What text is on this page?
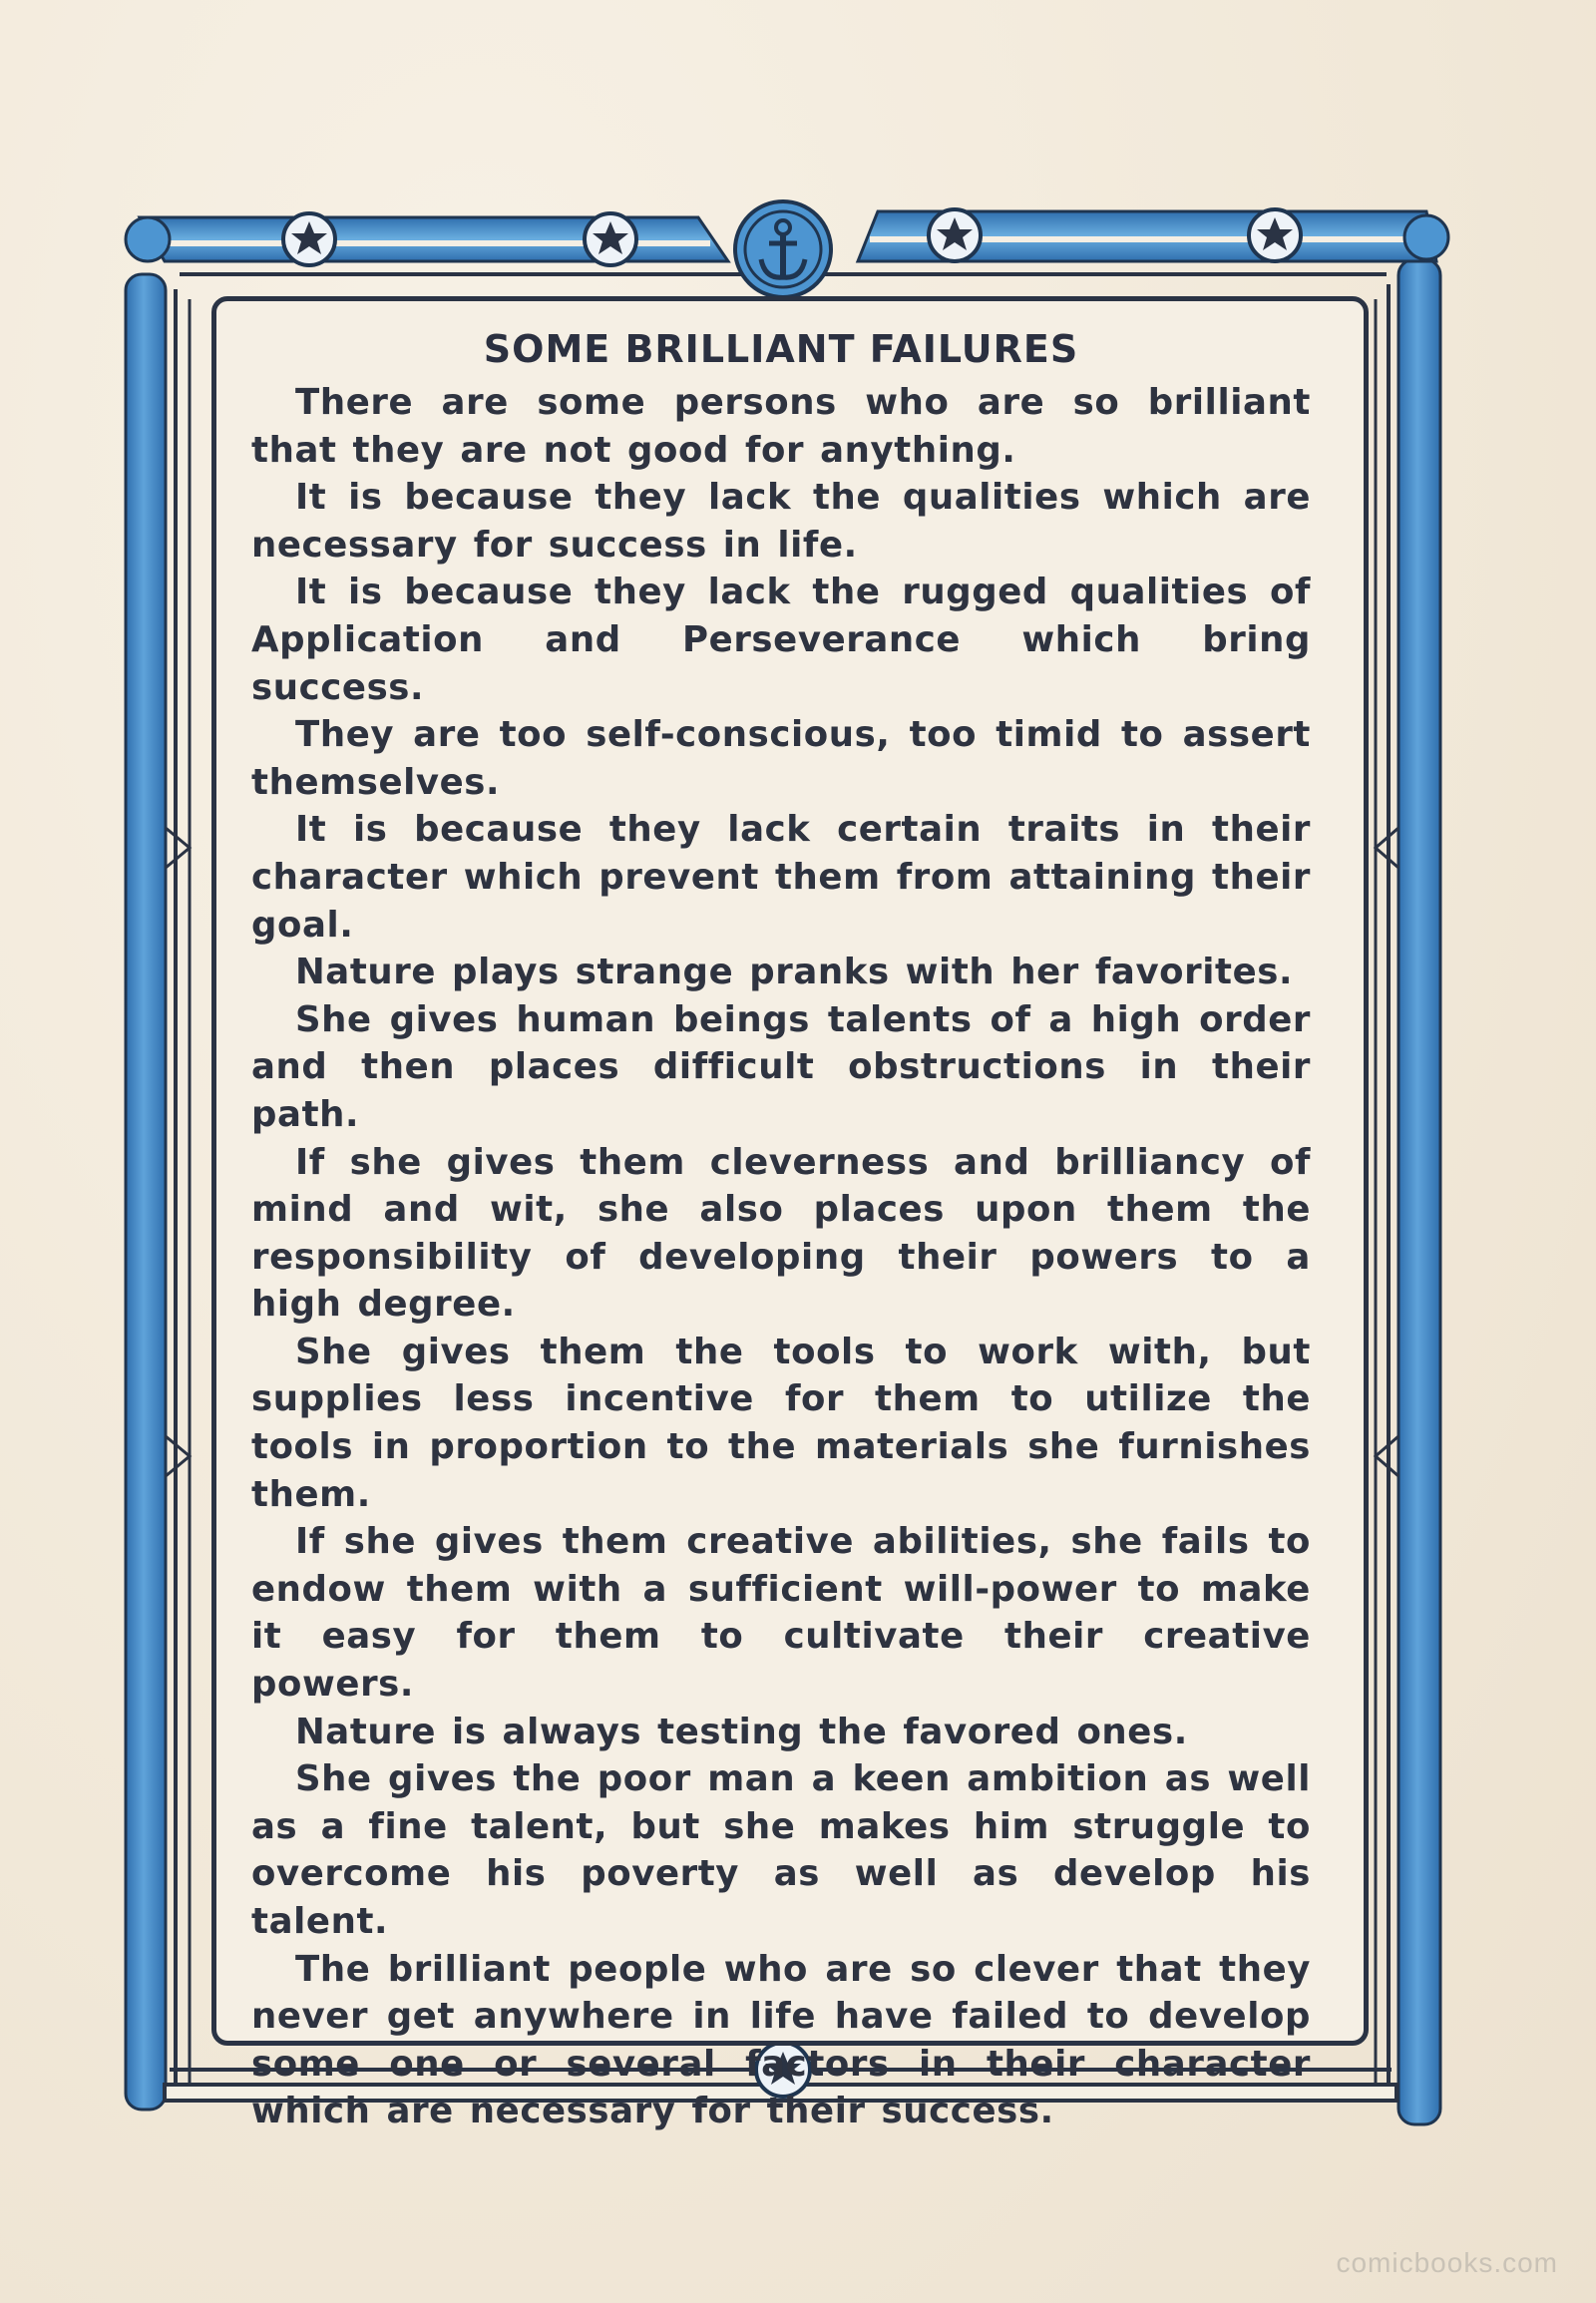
SOME BRILLIANT FAILURES

There are some persons who are so brilliant that they are not good for anything.

It is because they lack the qualities which are necessary for success in life.

It is because they lack the rugged qualities of Application and Perseverance which bring success.

They are too self-conscious, too timid to assert themselves.

It is because they lack certain traits in their character which prevent them from attaining their goal.

Nature plays strange pranks with her favorites.

She gives human beings talents of a high order and then places difficult obstructions in their path.

If she gives them cleverness and brilliancy of mind and wit, she also places upon them the responsibility of developing their powers to a high degree.

She gives them the tools to work with, but supplies less incentive for them to utilize the tools in proportion to the materials she furnishes them.

If she gives them creative abilities, she fails to endow them with a sufficient will-power to make it easy for them to cultivate their creative powers.

Nature is always testing the favored ones.

She gives the poor man a keen ambition as well as a fine talent, but she makes him struggle to overcome his poverty as well as develop his talent.

The brilliant people who are so clever that they never get anywhere in life have failed to develop some one or several factors in their character which are necessary for their success.

comicbooks.com
